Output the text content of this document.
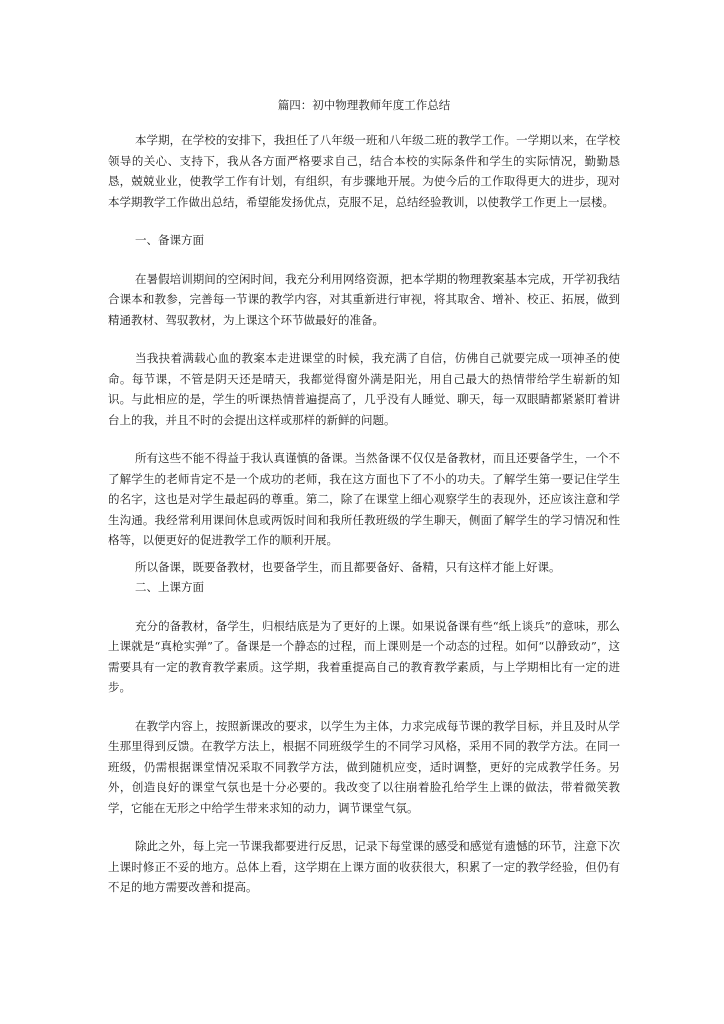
篇四：初中物理教师年度工作总结

本学期，在学校的安排下，我担任了八年级一班和八年级二班的教学工作。一学期以来，在学校领导的关心、支持下，我从各方面严格要求自己，结合本校的实际条件和学生的实际情况，勤勤恳恳，兢兢业业，使教学工作有计划，有组织，有步骤地开展。为使今后的工作取得更大的进步，现对本学期教学工作做出总结，希望能发扬优点，克服不足，总结经验教训，以使教学工作更上一层楼。

一、备课方面

在暑假培训期间的空闲时间，我充分利用网络资源，把本学期的物理教案基本完成，开学初我结合课本和教参，完善每一节课的教学内容，对其重新进行审视，将其取舍、增补、校正、拓展，做到精通教材、驾驭教材，为上课这个环节做最好的准备。

当我抉着满载心血的教案本走进课堂的时候，我充满了自信，仿佛自己就要完成一项神圣的使命。每节课，不管是阴天还是晴天，我都觉得窗外满是阳光，用自己最大的热情带给学生崭新的知识。与此相应的是，学生的听课热情普遍提高了，几乎没有人睡觉、聊天，每一双眼睛都紧紧盯着讲台上的我，并且不时的会提出这样或那样的新鲜的问题。

所有这些不能不得益于我认真谨慎的备课。当然备课不仅仅是备教材，而且还要备学生，一个不了解学生的老师肯定不是一个成功的老师，我在这方面也下了不小的功夫。了解学生第一要记住学生的名字，这也是对学生最起码的尊重。第二，除了在课堂上细心观察学生的表现外，还应该注意和学生沟通。我经常利用课间休息或两饭时间和我所任教班级的学生聊天，侧面了解学生的学习情况和性格等，以便更好的促进教学工作的顺利开展。

所以备课，既要备教材，也要备学生，而且都要备好、备精，只有这样才能上好课。

二、上课方面

充分的备教材，备学生，归根结底是为了更好的上课。如果说备课有些“纸上谈兵”的意味，那么上课就是“真枪实弹”了。备课是一个静态的过程，而上课则是一个动态的过程。如何“以静致动”，这需要具有一定的教育教学素质。这学期，我着重提高自己的教育教学素质，与上学期相比有一定的进步。

在教学内容上，按照新课改的要求，以学生为主体，力求完成每节课的教学目标，并且及时从学生那里得到反馈。在教学方法上，根据不同班级学生的不同学习风格，采用不同的教学方法。在同一班级，仍需根据课堂情况采取不同教学方法，做到随机应变，适时调整，更好的完成教学任务。另外，创造良好的课堂气氛也是十分必要的。我改变了以往崩着脸孔给学生上课的做法，带着微笑教学，它能在无形之中给学生带来求知的动力，调节课堂气氛。

除此之外，每上完一节课我都要进行反思，记录下每堂课的感受和感觉有遗憾的环节，注意下次上课时修正不妥的地方。总体上看，这学期在上课方面的收获很大，积累了一定的教学经验，但仍有不足的地方需要改善和提高。
